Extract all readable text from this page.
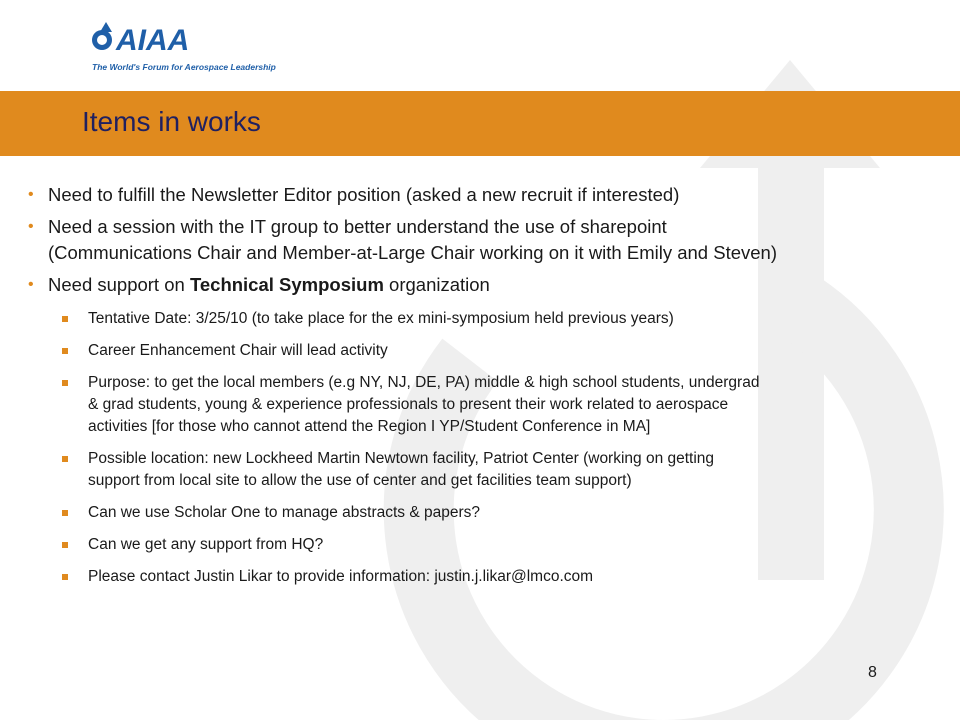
AIAA
The World's Forum for Aerospace Leadership
Items in works
• Need to fulfill the Newsletter Editor position (asked a new recruit if interested)
• Need a session with the IT group to better understand the use of sharepoint
(Communications Chair and Member-at-Large Chair working on it with Emily and Steven)
• Need support on Technical Symposium organization
Tentative Date: 3/25/10 (to take place for the ex mini-symposium held previous years)
Career Enhancement Chair will lead activity
Purpose: to get the local members (e.g NY, NJ, DE, PA) middle & high school students, undergrad
& grad students, young & experience professionals to present their work related to aerospace
activities [for those who cannot attend the Region I YP/Student Conference in MA]
Possible location: new Lockheed Martin Newtown facility, Patriot Center (working on getting
support from local site to allow the use of center and get facilities team support)
Can we use Scholar One to manage abstracts & papers?
Can we get any support from HQ?
Please contact Justin Likar to provide information: justin.j.likar@lmco.com
8
